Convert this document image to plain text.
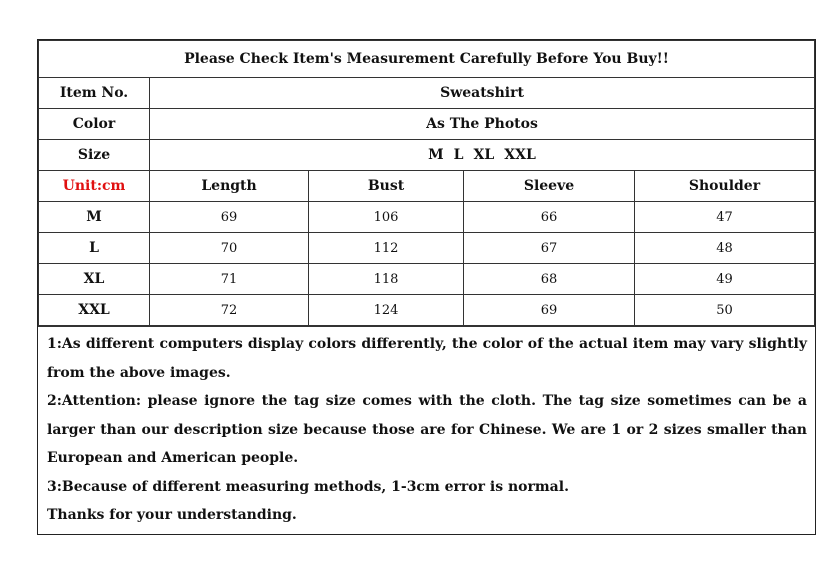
Please Check Item's Measurement Carefully Before You Buy!!				
Item No.	Sweatshirt			
Color	As The Photos			
Size	M L XL XXL			
Unit:cm	Length	Bust	Sleeve	Shoulder
M	69	106	66	47
L	70	112	67	48
XL	71	118	68	49
XXL	72	124	69	50

1:As different computers display colors differently, the color of the actual item may vary slightly from the above images.

2:Attention: please ignore the tag size comes with the cloth. The tag size sometimes can be a larger than our description size because those are for Chinese. We are 1 or 2 sizes smaller than European and American people.

3:Because of different measuring methods, 1-3cm error is normal.

Thanks for your understanding.
